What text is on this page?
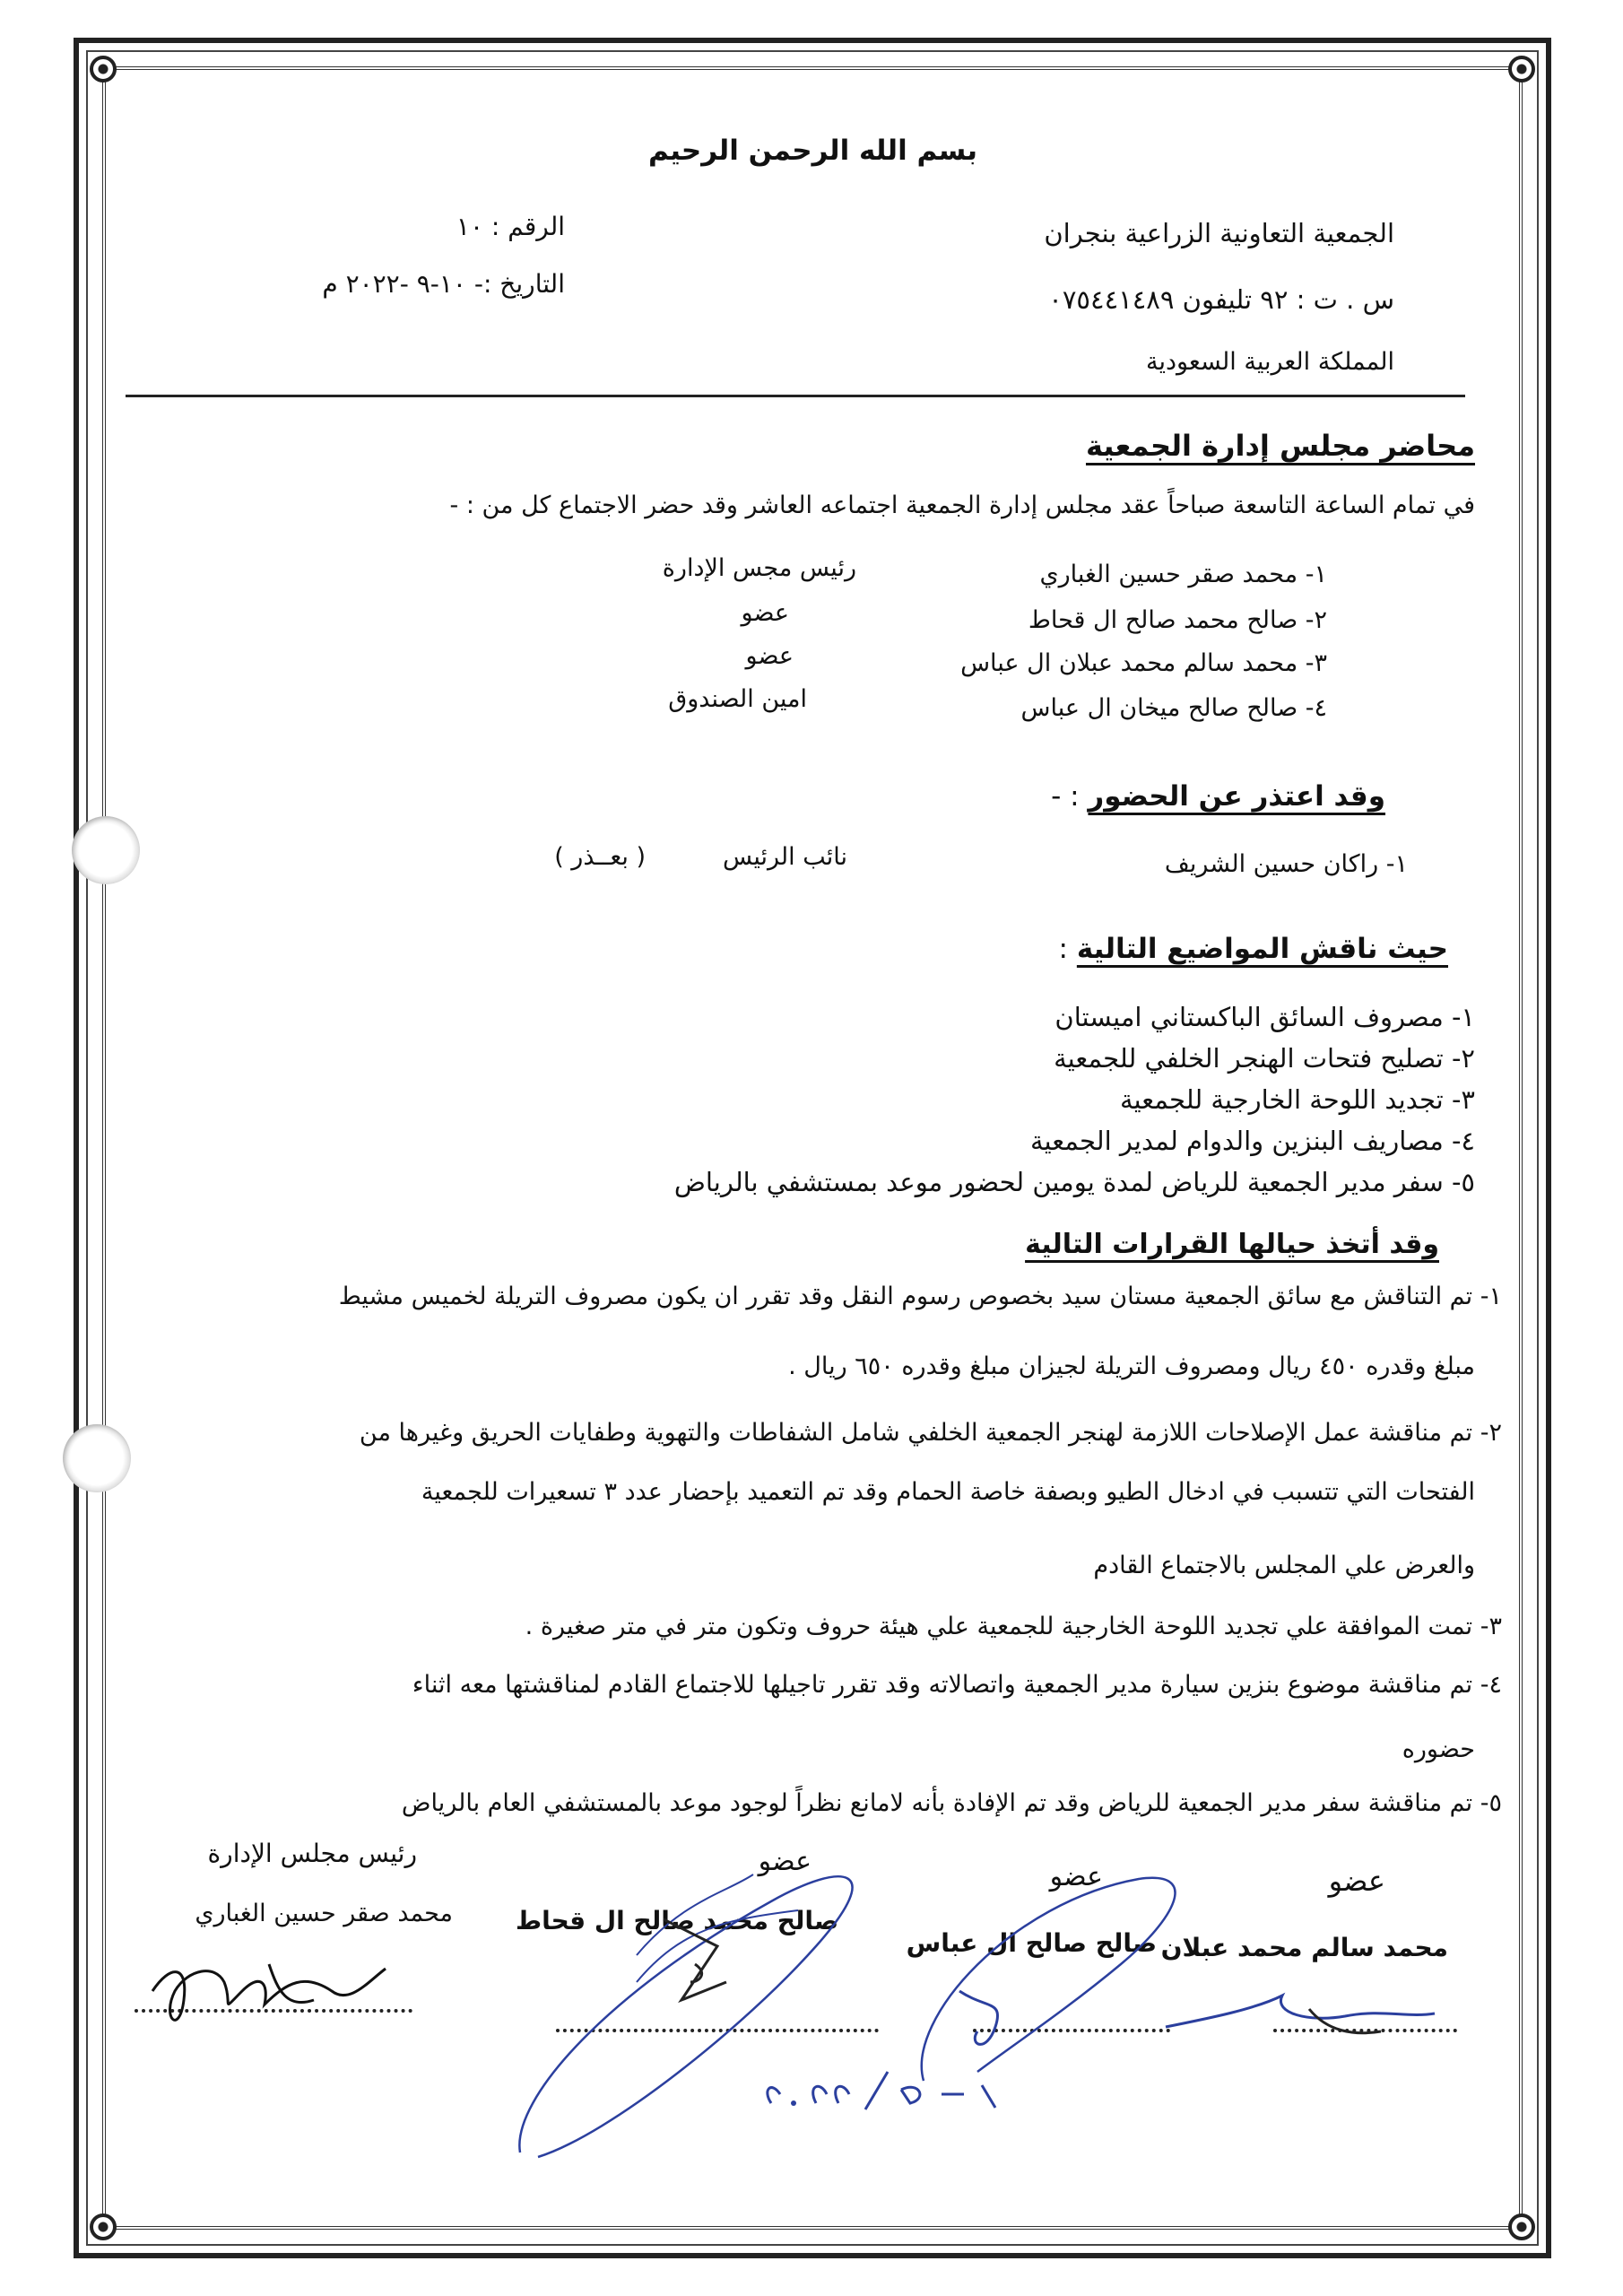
بسم الله الرحمن الرحيم
الجمعية التعاونية الزراعية بنجران
س . ت : ٩٢ تليفون ٠٧٥٤٤١٤٨٩
المملكة العربية السعودية
الرقم : ١٠
التاريخ :- ١٠-٩ -٢٠٢٢ م
محاضر مجلس إدارة الجمعية
في تمام الساعة التاسعة صباحاً عقد مجلس إدارة الجمعية اجتماعه العاشر وقد حضر الاجتماع كل من : -
١- محمد صقر حسين الغباري
رئيس مجس الإدارة
٢- صالح محمد صالح ال قحاط
عضو
٣- محمد سالم محمد عبلان ال عباس
عضو
٤- صالح صالح ميخان ال عباس
امين الصندوق
وقد اعتذر عن الحضور : -
١- راكان حسين الشريف
نائب الرئيس
( بعــذر )
حيث ناقش المواضيع التالية :
١- مصروف السائق الباكستاني اميستان
٢- تصليح فتحات الهنجر الخلفي للجمعية
٣- تجديد اللوحة الخارجية للجمعية
٤- مصاريف البنزين والدوام لمدير الجمعية
٥- سفر مدير الجمعية للرياض لمدة يومين لحضور موعد بمستشفي بالرياض
وقد أتخذ حيالها القرارات التالية
١- تم التناقش مع سائق الجمعية مستان سيد بخصوص رسوم النقل وقد تقرر ان يكون مصروف التريلة لخميس مشيط
مبلغ وقدره ٤٥٠ ريال ومصروف التريلة لجيزان مبلغ وقدره ٦٥٠ ريال .
٢- تم مناقشة عمل الإصلاحات اللازمة لهنجر الجمعية الخلفي شامل الشفاطات والتهوية وطفايات الحريق وغيرها من
الفتحات التي تتسبب في ادخال الطيو وبصفة خاصة الحمام وقد تم التعميد بإحضار عدد ٣ تسعيرات للجمعية
والعرض علي المجلس بالاجتماع القادم
٣- تمت الموافقة علي تجديد اللوحة الخارجية للجمعية علي هيئة حروف وتكون متر في متر صغيرة .
٤- تم مناقشة موضوع بنزين سيارة مدير الجمعية واتصالاته وقد تقرر تاجيلها للاجتماع القادم لمناقشتها معه اثناء
حضوره
٥- تم مناقشة سفر مدير الجمعية للرياض وقد تم الإفادة بأنه لامانع نظراً لوجود موعد بالمستشفي العام بالرياض
رئيس مجلس الإدارة
محمد صقر حسين الغباري
عضو	عضو	عضو
صالح محمد صالح ال قحاط
صالح صالح ال عباس محمد سالم محمد عبلان
